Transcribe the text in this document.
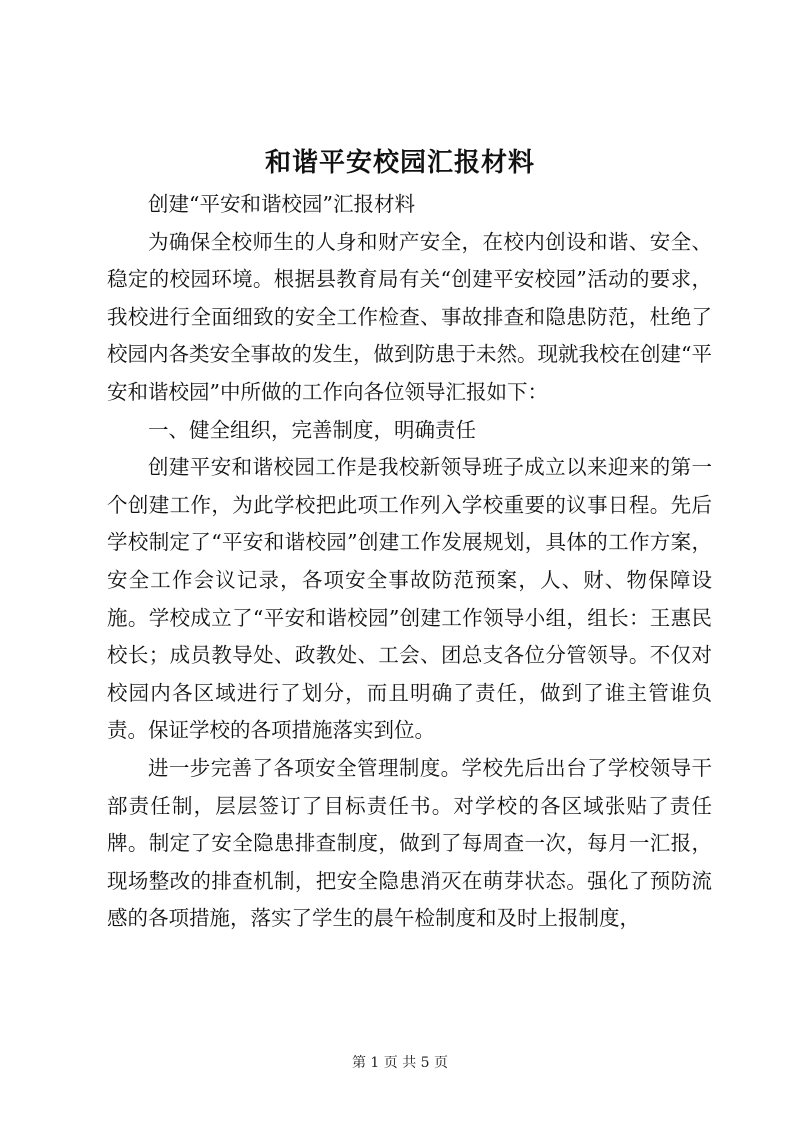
和谐平安校园汇报材料

创建“平安和谐校园”汇报材料

为确保全校师生的人身和财产安全，在校内创设和谐、安全、稳定的校园环境。根据县教育局有关“创建平安校园”活动的要求，我校进行全面细致的安全工作检查、事故排查和隐患防范，杜绝了校园内各类安全事故的发生，做到防患于未然。现就我校在创建“平安和谐校园”中所做的工作向各位领导汇报如下：

一、健全组织，完善制度，明确责任

创建平安和谐校园工作是我校新领导班子成立以来迎来的第一个创建工作，为此学校把此项工作列入学校重要的议事日程。先后学校制定了“平安和谐校园”创建工作发展规划，具体的工作方案，安全工作会议记录，各项安全事故防范预案，人、财、物保障设施。学校成立了“平安和谐校园”创建工作领导小组，组长：王惠民校长；成员教导处、政教处、工会、团总支各位分管领导。不仅对校园内各区域进行了划分，而且明确了责任，做到了谁主管谁负责。保证学校的各项措施落实到位。

进一步完善了各项安全管理制度。学校先后出台了学校领导干部责任制，层层签订了目标责任书。对学校的各区域张贴了责任牌。制定了安全隐患排查制度，做到了每周查一次，每月一汇报，现场整改的排查机制，把安全隐患消灭在萌芽状态。强化了预防流感的各项措施，落实了学生的晨午检制度和及时上报制度，

第 1 页 共 5 页
